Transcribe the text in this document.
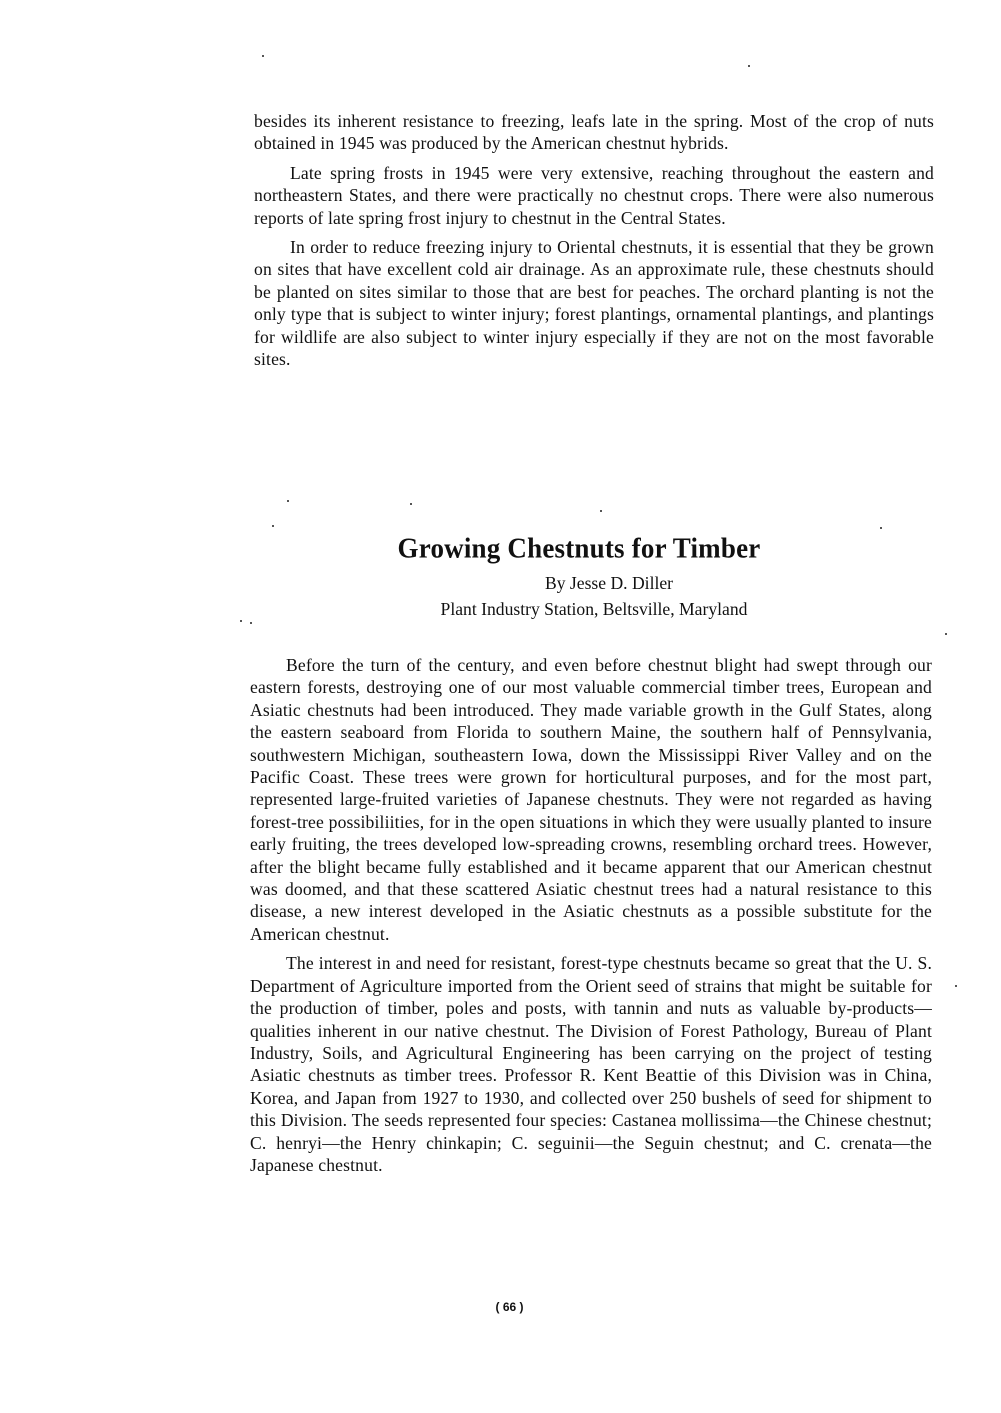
besides its inherent resistance to freezing, leafs late in the spring. Most of the crop of nuts obtained in 1945 was produced by the American chestnut hybrids.

Late spring frosts in 1945 were very extensive, reaching throughout the eastern and northeastern States, and there were practically no chestnut crops. There were also numerous reports of late spring frost injury to chestnut in the Central States.

In order to reduce freezing injury to Oriental chestnuts, it is essential that they be grown on sites that have excellent cold air drainage. As an approximate rule, these chestnuts should be planted on sites similar to those that are best for peaches. The orchard planting is not the only type that is subject to winter injury; forest plantings, ornamental plantings, and plantings for wildlife are also subject to winter injury especially if they are not on the most favorable sites.

Growing Chestnuts for Timber

By Jesse D. Diller

Plant Industry Station, Beltsville, Maryland

Before the turn of the century, and even before chestnut blight had swept through our eastern forests, destroying one of our most valuable commercial timber trees, European and Asiatic chestnuts had been introduced. They made variable growth in the Gulf States, along the eastern seaboard from Florida to southern Maine, the southern half of Pennsylvania, southwestern Michigan, southeastern Iowa, down the Mississippi River Valley and on the Pacific Coast. These trees were grown for horticultural purposes, and for the most part, represented large-fruited varieties of Japanese chestnuts. They were not regarded as having forest-tree possibiliities, for in the open situations in which they were usually planted to insure early fruiting, the trees developed low-spreading crowns, resembling orchard trees. However, after the blight became fully established and it became apparent that our American chestnut was doomed, and that these scattered Asiatic chestnut trees had a natural resistance to this disease, a new interest developed in the Asiatic chestnuts as a possible substitute for the American chestnut.

The interest in and need for resistant, forest-type chestnuts became so great that the U. S. Department of Agriculture imported from the Orient seed of strains that might be suitable for the production of timber, poles and posts, with tannin and nuts as valuable by-products—qualities inherent in our native chestnut. The Division of Forest Pathology, Bureau of Plant Industry, Soils, and Agricultural Engineering has been carrying on the project of testing Asiatic chestnuts as timber trees. Professor R. Kent Beattie of this Division was in China, Korea, and Japan from 1927 to 1930, and collected over 250 bushels of seed for shipment to this Division. The seeds represented four species: Castanea mollissima—the Chinese chestnut; C. henryi—the Henry chinkapin; C. seguinii—the Seguin chestnut; and C. crenata—the Japanese chestnut.

( 66 )
